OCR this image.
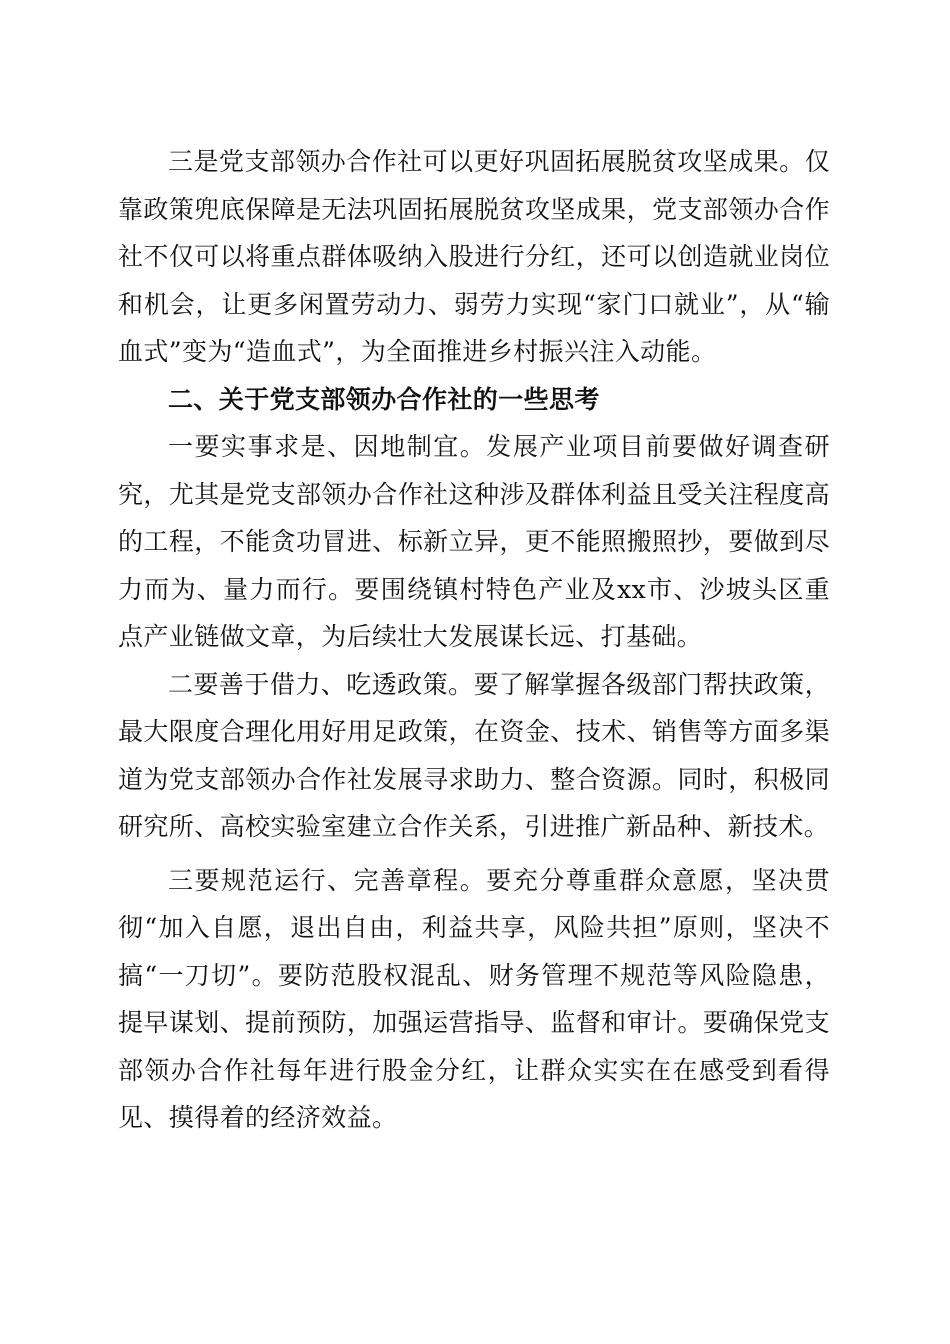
三是党支部领办合作社可以更好巩固拓展脱贫攻坚成果。仅靠政策兜底保障是无法巩固拓展脱贫攻坚成果，党支部领办合作社不仅可以将重点群体吸纳入股进行分红，还可以创造就业岗位和机会，让更多闲置劳动力、弱劳力实现“家门口就业”，从“输血式”变为“造血式”，为全面推进乡村振兴注入动能。

二、关于党支部领办合作社的一些思考

一要实事求是、因地制宜。发展产业项目前要做好调查研究，尤其是党支部领办合作社这种涉及群体利益且受关注程度高的工程，不能贪功冒进、标新立异，更不能照搬照抄，要做到尽力而为、量力而行。要围绕镇村特色产业及xx市、沙坡头区重点产业链做文章，为后续壮大发展谋长远、打基础。

二要善于借力、吃透政策。要了解掌握各级部门帮扶政策，最大限度合理化用好用足政策，在资金、技术、销售等方面多渠道为党支部领办合作社发展寻求助力、整合资源。同时，积极同研究所、高校实验室建立合作关系，引进推广新品种、新技术。

三要规范运行、完善章程。要充分尊重群众意愿，坚决贯彻“加入自愿，退出自由，利益共享，风险共担”原则，坚决不搞“一刀切”。要防范股权混乱、财务管理不规范等风险隐患，提早谋划、提前预防，加强运营指导、监督和审计。要确保党支部领办合作社每年进行股金分红，让群众实实在在感受到看得见、摸得着的经济效益。
